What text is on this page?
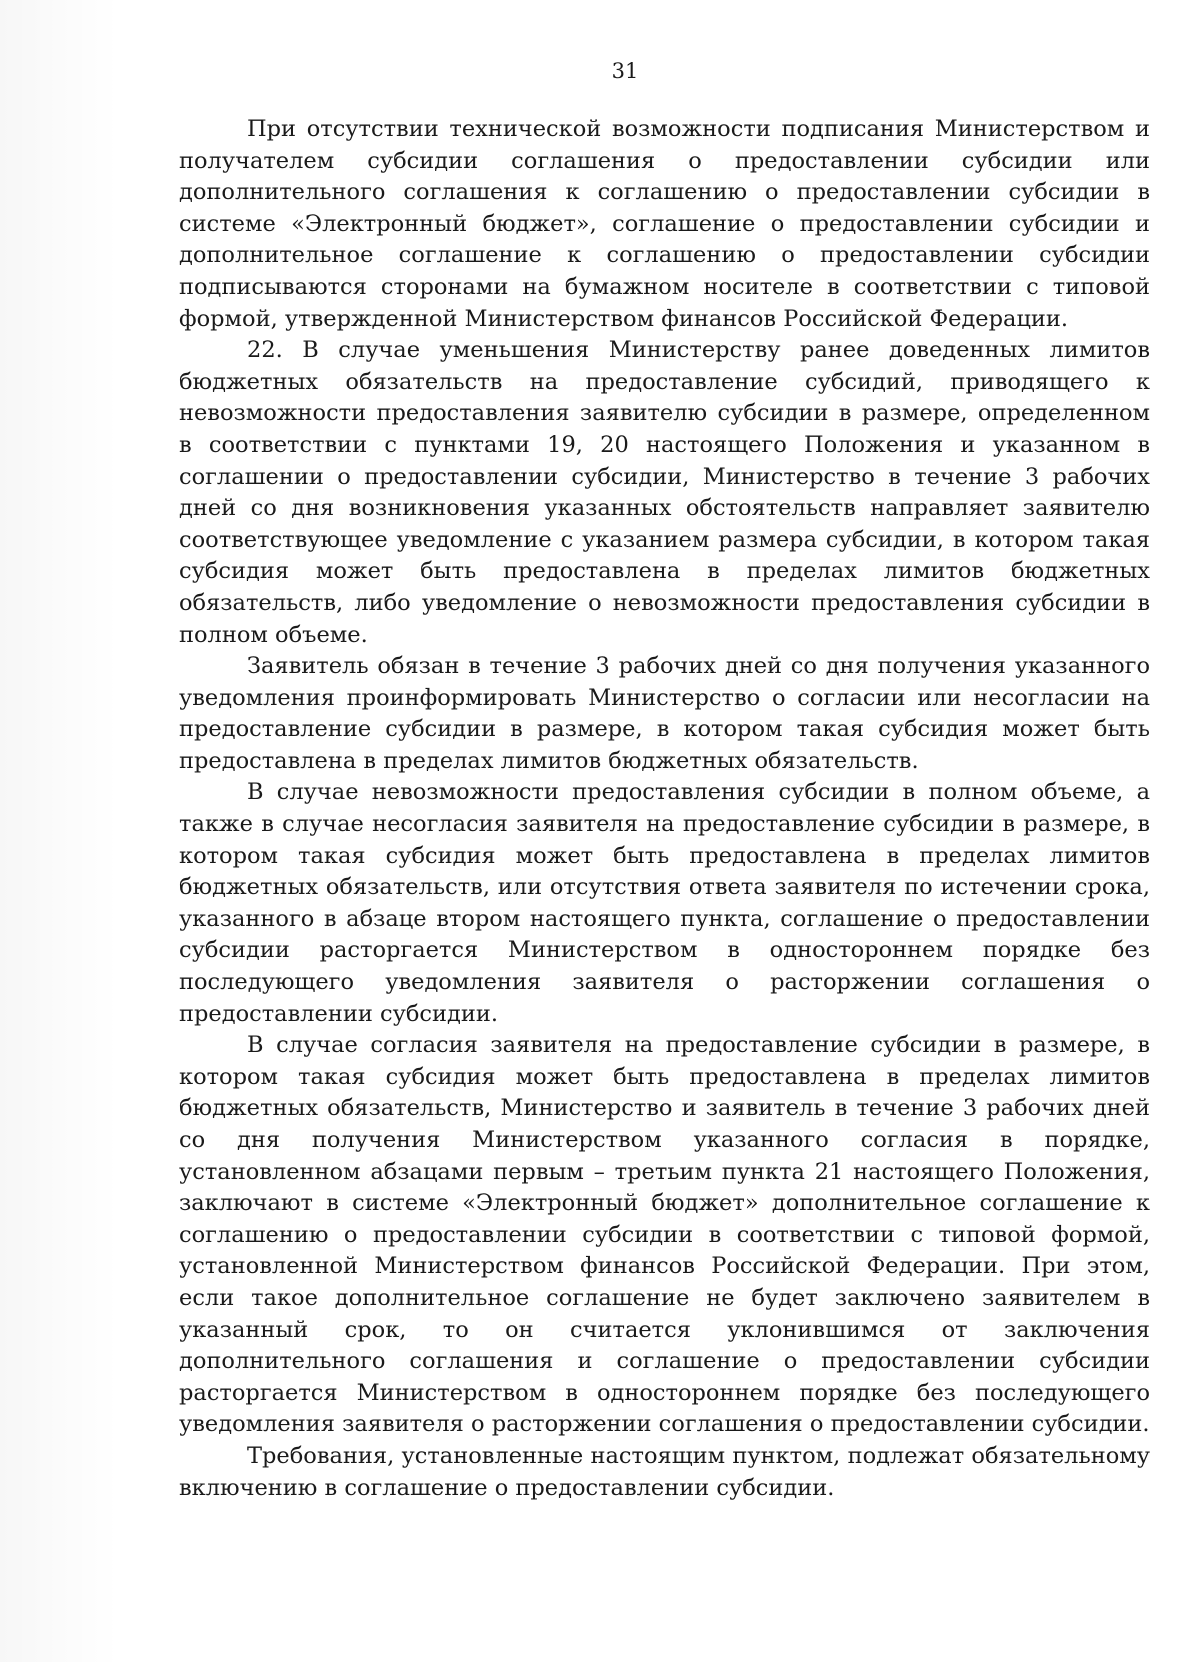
31

При отсутствии технической возможности подписания Министерством и получателем субсидии соглашения о предоставлении субсидии или дополнительного соглашения к соглашению о предоставлении субсидии в системе «Электронный бюджет», соглашение о предоставлении субсидии и дополнительное соглашение к соглашению о предоставлении субсидии подписываются сторонами на бумажном носителе в соответствии с типовой формой, утвержденной Министерством финансов Российской Федерации.

22. В случае уменьшения Министерству ранее доведенных лимитов бюджетных обязательств на предоставление субсидий, приводящего к невозможности предоставления заявителю субсидии в размере, определенном в соответствии с пунктами 19, 20 настоящего Положения и указанном в соглашении о предоставлении субсидии, Министерство в течение 3 рабочих дней со дня возникновения указанных обстоятельств направляет заявителю соответствующее уведомление с указанием размера субсидии, в котором такая субсидия может быть предоставлена в пределах лимитов бюджетных обязательств, либо уведомление о невозможности предоставления субсидии в полном объеме.

Заявитель обязан в течение 3 рабочих дней со дня получения указанного уведомления проинформировать Министерство о согласии или несогласии на предоставление субсидии в размере, в котором такая субсидия может быть предоставлена в пределах лимитов бюджетных обязательств.

В случае невозможности предоставления субсидии в полном объеме, а также в случае несогласия заявителя на предоставление субсидии в размере, в котором такая субсидия может быть предоставлена в пределах лимитов бюджетных обязательств, или отсутствия ответа заявителя по истечении срока, указанного в абзаце втором настоящего пункта, соглашение о предоставлении субсидии расторгается Министерством в одностороннем порядке без последующего уведомления заявителя о расторжении соглашения о предоставлении субсидии.

В случае согласия заявителя на предоставление субсидии в размере, в котором такая субсидия может быть предоставлена в пределах лимитов бюджетных обязательств, Министерство и заявитель в течение 3 рабочих дней со дня получения Министерством указанного согласия в порядке, установленном абзацами первым – третьим пункта 21 настоящего Положения, заключают в системе «Электронный бюджет» дополнительное соглашение к соглашению о предоставлении субсидии в соответствии с типовой формой, установленной Министерством финансов Российской Федерации. При этом, если такое дополнительное соглашение не будет заключено заявителем в указанный срок, то он считается уклонившимся от заключения дополнительного соглашения и соглашение о предоставлении субсидии расторгается Министерством в одностороннем порядке без последующего уведомления заявителя о расторжении соглашения о предоставлении субсидии.

Требования, установленные настоящим пунктом, подлежат обязательному включению в соглашение о предоставлении субсидии.
